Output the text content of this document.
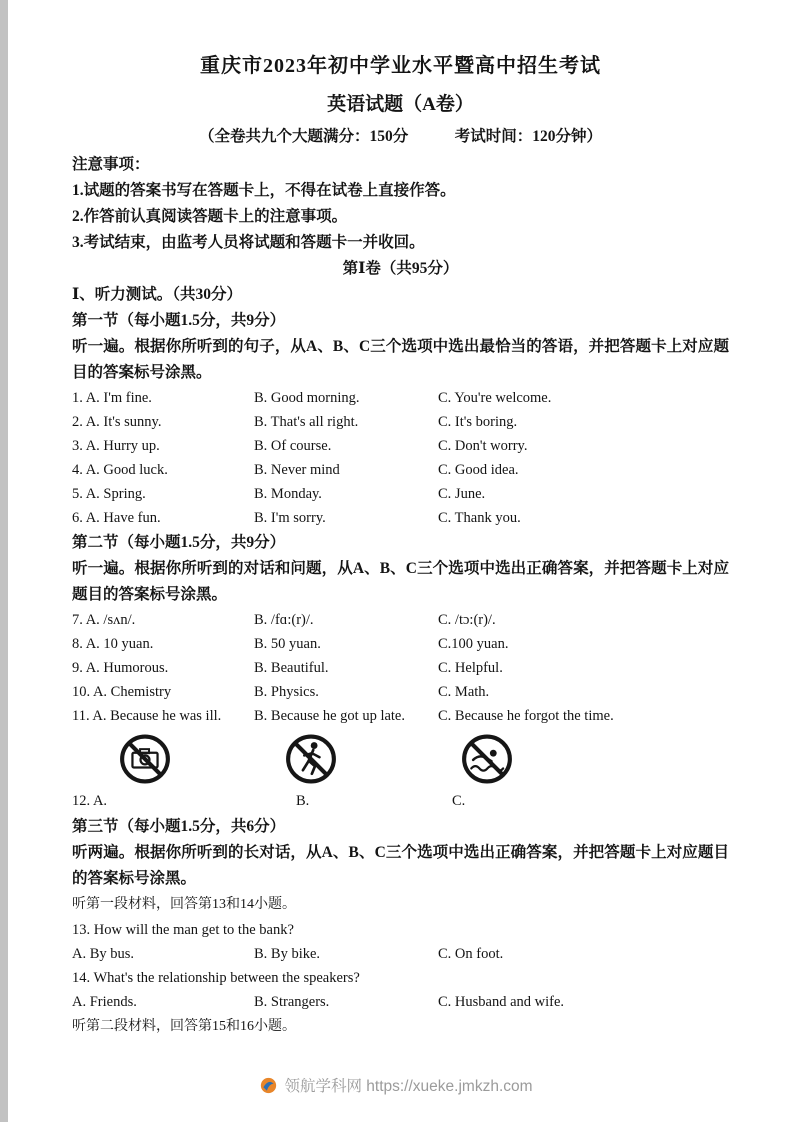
重庆市2023年初中学业水平暨高中招生考试
英语试题（A卷）
（全卷共九个大题满分：150分　　　考试时间：120分钟）
注意事项：
1.试题的答案书写在答题卡上，不得在试卷上直接作答。
2.作答前认真阅读答题卡上的注意事项。
3.考试结束，由监考人员将试题和答题卡一并收回。
第Ⅰ卷（共95分）
Ⅰ、听力测试。（共30分）
第一节（每小题1.5分，共9分）
听一遍。根据你所听到的句子，从A、B、C三个选项中选出最恰当的答语，并把答题卡上对应题目的答案标号涂黑。
1. A. I'm fine.	B. Good morning.	C. You're welcome.
2. A. It's sunny.	B. That's all right.	C. It's boring.
3. A. Hurry up.	B. Of course.	C. Don't worry.
4. A. Good luck.	B. Never mind	C. Good idea.
5. A. Spring.	B. Monday.	C. June.
6. A. Have fun.	B. I'm sorry.	C. Thank you.
第二节（每小题1.5分，共9分）
听一遍。根据你所听到的对话和问题，从A、B、C三个选项中选出正确答案，并把答题卡上对应题目的答案标号涂黑。
7. A. /sʌn/.	B. /fɑ:(r)/.	C. /tɔ:(r)/.
8. A. 10 yuan.	B. 50 yuan.	C.100 yuan.
9. A. Humorous.	B. Beautiful.	C. Helpful.
10. A. Chemistry	B. Physics.	C. Math.
11. A. Because he was ill.	B. Because he got up late.	C. Because he forgot the time.
12. A.	B.	C.
第三节（每小题1.5分，共6分）
听两遍。根据你所听到的长对话，从A、B、C三个选项中选出正确答案，并把答题卡上对应题目的答案标号涂黑。
听第一段材料，回答第13和14小题。
13. How will the man get to the bank?
A. By bus.	B. By bike.	C. On foot.
14. What's the relationship between the speakers?
A. Friends.	B. Strangers.	C. Husband and wife.
听第二段材料，回答第15和16小题。
领航学科网 https://xueke.jmkzh.com
